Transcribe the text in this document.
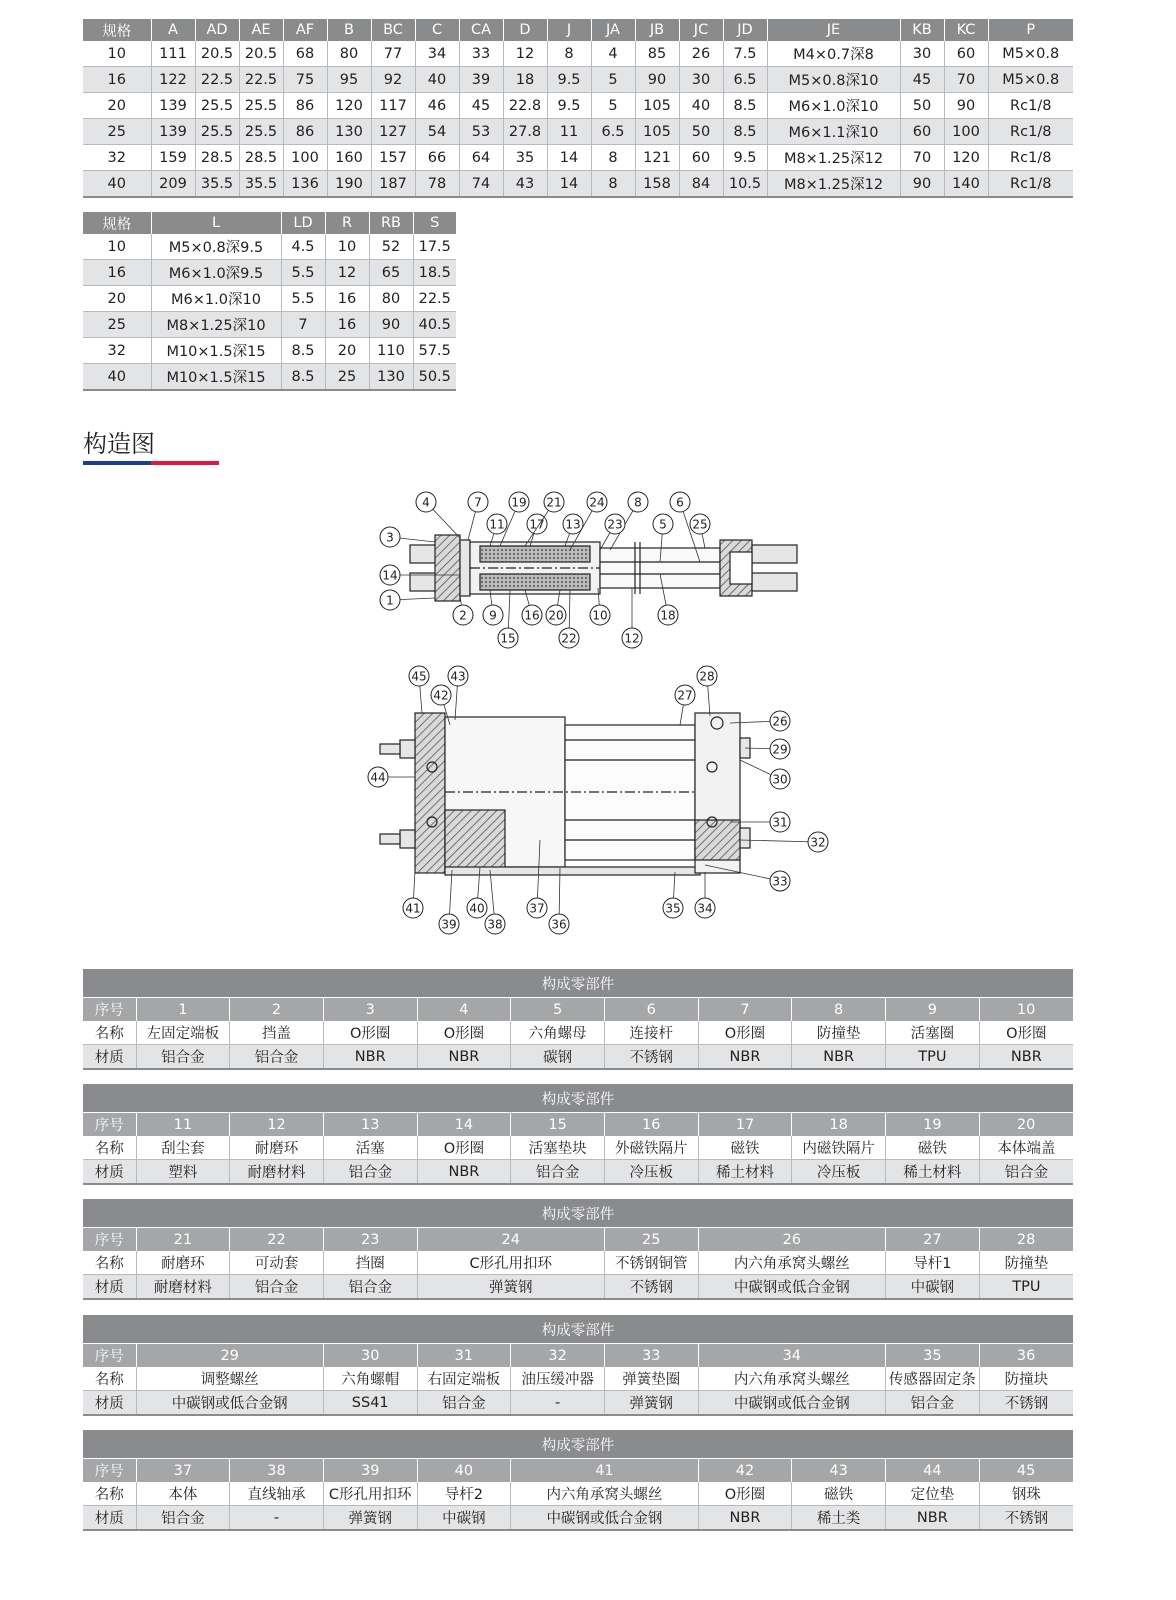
规格	A	AD	AE	AF	B	BC	C	CA	D	J	JA	JB	JC	JD	JE	KB	KC	P
10	111	20.5	20.5	68	80	77	34	33	12	8	4	85	26	7.5	M4×0.7深8	30	60	M5×0.8
16	122	22.5	22.5	75	95	92	40	39	18	9.5	5	90	30	6.5	M5×0.8深10	45	70	M5×0.8
20	139	25.5	25.5	86	120	117	46	45	22.8	9.5	5	105	40	8.5	M6×1.0深10	50	90	Rc1/8
25	139	25.5	25.5	86	130	127	54	53	27.8	11	6.5	105	50	8.5	M6×1.1深10	60	100	Rc1/8
32	159	28.5	28.5	100	160	157	66	64	35	14	8	121	60	9.5	M8×1.25深12	70	120	Rc1/8
40	209	35.5	35.5	136	190	187	78	74	43	14	8	158	84	10.5	M8×1.25深12	90	140	Rc1/8
规格	L	LD	R	RB	S
10	M5×0.8深9.5	4.5	10	52	17.5
16	M6×1.0深9.5	5.5	12	65	18.5
20	M6×1.0深10	5.5	16	80	22.5
25	M8×1.25深10	7	16	90	40.5
32	M10×1.5深15	8.5	20	110	57.5
40	M10×1.5深15	8.5	25	130	50.5
构造图
1
2
3
4
5
6
7	8
9	10
11
12
13
14
15
16
17
18
19
20
21
22
23
24
25
26
27
28
29
30
31
32
33
34
35
36
37
38
39
40
41
42
43
44
45
构成零部件										
序号	1	2	3	4	5	6	7	8	9	10
名称	左固定端板	挡盖	O形圈	O形圈	六角螺母	连接杆	O形圈	防撞垫	活塞圈	O形圈
材质	铝合金	铝合金	NBR	NBR	碳钢	不锈钢	NBR	NBR	TPU	NBR
构成零部件										
序号	11	12	13	14	15	16	17	18	19	20
名称	刮尘套	耐磨环	活塞	O形圈	活塞垫块	外磁铁隔片	磁铁	内磁铁隔片	磁铁	本体端盖
材质	塑料	耐磨材料	铝合金	NBR	铝合金	冷压板	稀土材料	冷压板	稀土材料	铝合金
构成零部件								
序号	21	22	23	24	25	26	27	28
名称	耐磨环	可动套	挡圈	C形孔用扣环	不锈钢铜管	内六角承窝头螺丝	导杆1	防撞垫
材质	耐磨材料	铝合金	铝合金	弹簧钢	不锈钢	中碳钢或低合金钢	中碳钢	TPU
构成零部件								
序号	29	30	31	32	33	34	35	36
名称	调整螺丝	六角螺帽	右固定端板	油压缓冲器	弹簧垫圈	内六角承窝头螺丝	传感器固定条	防撞块
材质	中碳钢或低合金钢	SS41	铝合金	-	弹簧钢	中碳钢或低合金钢	铝合金	不锈钢
构成零部件									
序号	37	38	39	40	41	42	43	44	45
名称	本体	直线轴承	C形孔用扣环	导杆2	内六角承窝头螺丝	O形圈	磁铁	定位垫	钢珠
材质	铝合金	-	弹簧钢	中碳钢	中碳钢或低合金钢	NBR	稀土类	NBR	不锈钢
